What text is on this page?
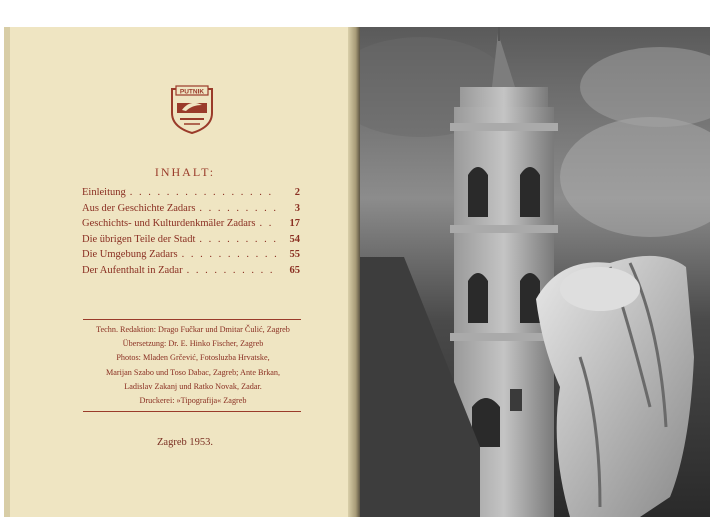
PUTNIK
INHALT:
Einleitung . . .	2
Aus der Geschichte Zadars . . .	3
Geschichts- und Kulturdenkmäler Zadars . . .	17
Die übrigen Teile der Stadt . . .	54
Die Umgebung Zadars . . .	55
Der Aufenthalt in Zadar . . .	65
Techn. Redaktion: Drago Fučkar und Dmitar Čulić, Zagreb
Übersetzung: Dr. E. Hinko Fischer, Zagreb
Photos: Mladen Grčević, Fotosluzba Hrvatske,
Marijan Szabo und Toso Dabac, Zagreb; Ante Brkan,
Ladislav Zakanj und Ratko Novak, Zadar.
Druckerei: »Tipografija« Zagreb
Zagreb 1953.
